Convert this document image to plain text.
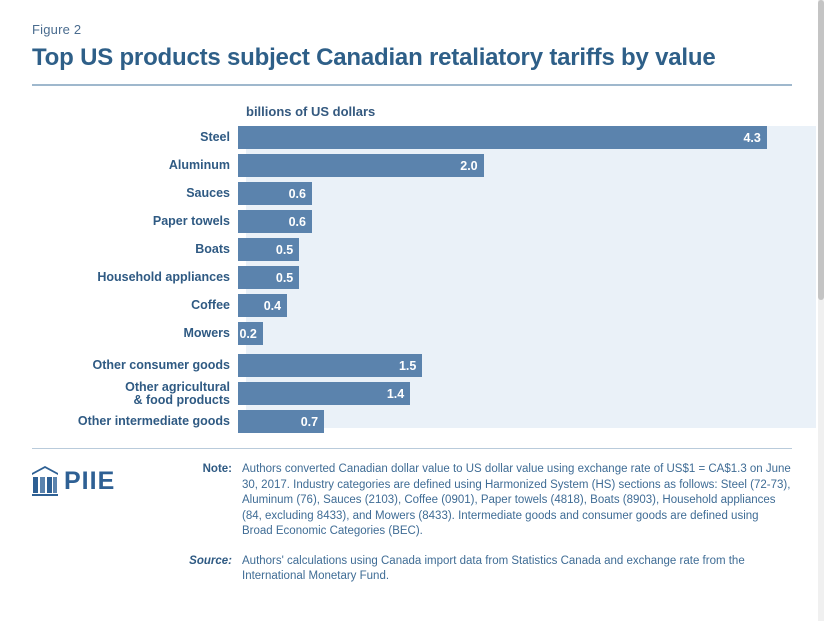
Figure 2
Top US products subject Canadian retaliatory tariffs by value
billions of US dollars
Steel	4.3
Aluminum	2.0
Sauces	0.6
Paper towels	0.6
Boats	0.5
Household appliances	0.5
Coffee	0.4
Mowers 0.2
Other consumer goods	1.5
Other agricultural
& food products	1.4
Other intermediate goods	0.7
PIIE	Note: Authors converted Canadian dollar value to US dollar value using exchange rate of US$1 = CA$1.3 on June 30, 2017. Industry categories are defined using Harmonized System (HS) sections as follows: Steel (72-73), Aluminum (76), Sauces (2103), Coffee (0901), Paper towels (4818), Boats (8903), Household appliances (84, excluding 8433), and Mowers (8433). Intermediate goods and consumer goods are defined using Broad Economic Categories (BEC).
Source: Authors' calculations using Canada import data from Statistics Canada and exchange rate from the International Monetary Fund.
